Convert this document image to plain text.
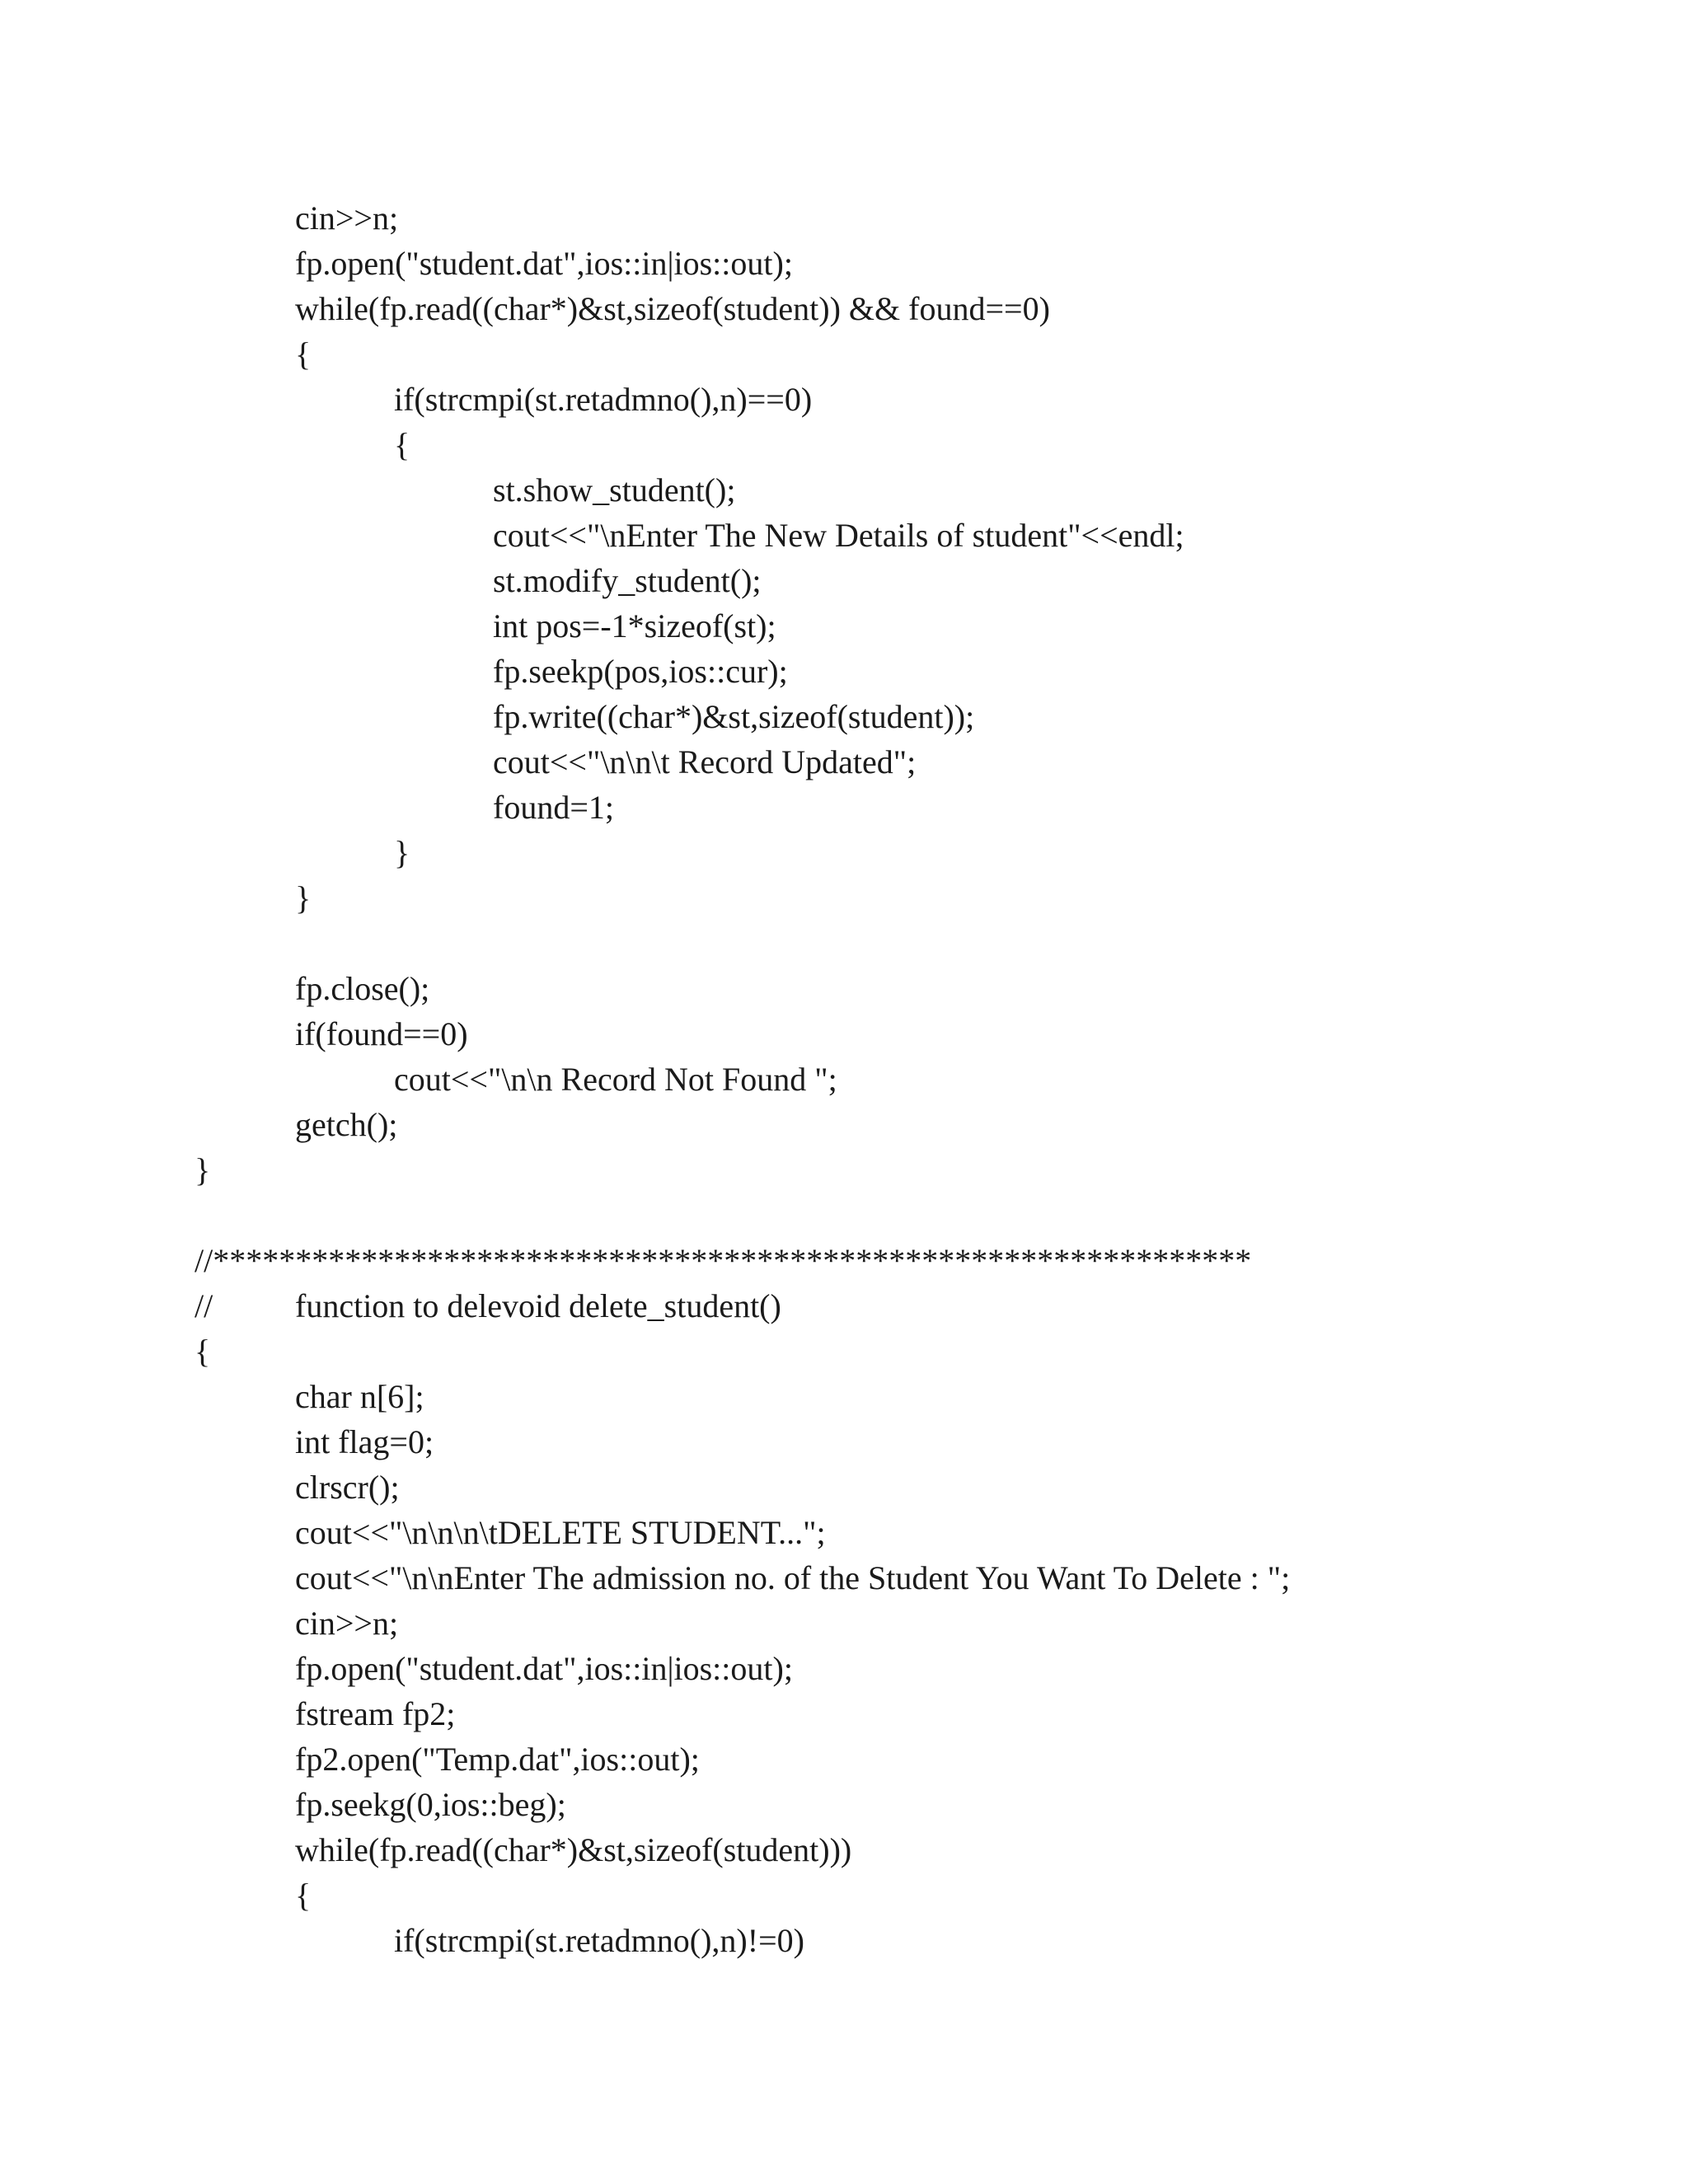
cin>>n;

fp.open("student.dat",ios::in|ios::out);

while(fp.read((char*)&st,sizeof(student)) && found==0)

{

if(strcmpi(st.retadmno(),n)==0)

{

st.show_student();

cout<<"\nEnter The New Details of student"<<endl;

st.modify_student();

int pos=-1*sizeof(st);

fp.seekp(pos,ios::cur);

fp.write((char*)&st,sizeof(student));

cout<<"\n\n\t Record Updated";

found=1;

}

}

fp.close();

if(found==0)

cout<<"\n\n Record Not Found ";

getch();

}

//***************************************************************

// function to delevoid delete_student()

{

char n[6];

int flag=0;

clrscr();

cout<<"\n\n\n\tDELETE STUDENT...";

cout<<"\n\nEnter The admission no. of the Student You Want To Delete : ";

cin>>n;

fp.open("student.dat",ios::in|ios::out);

fstream fp2;

fp2.open("Temp.dat",ios::out);

fp.seekg(0,ios::beg);

while(fp.read((char*)&st,sizeof(student)))

{

if(strcmpi(st.retadmno(),n)!=0)
